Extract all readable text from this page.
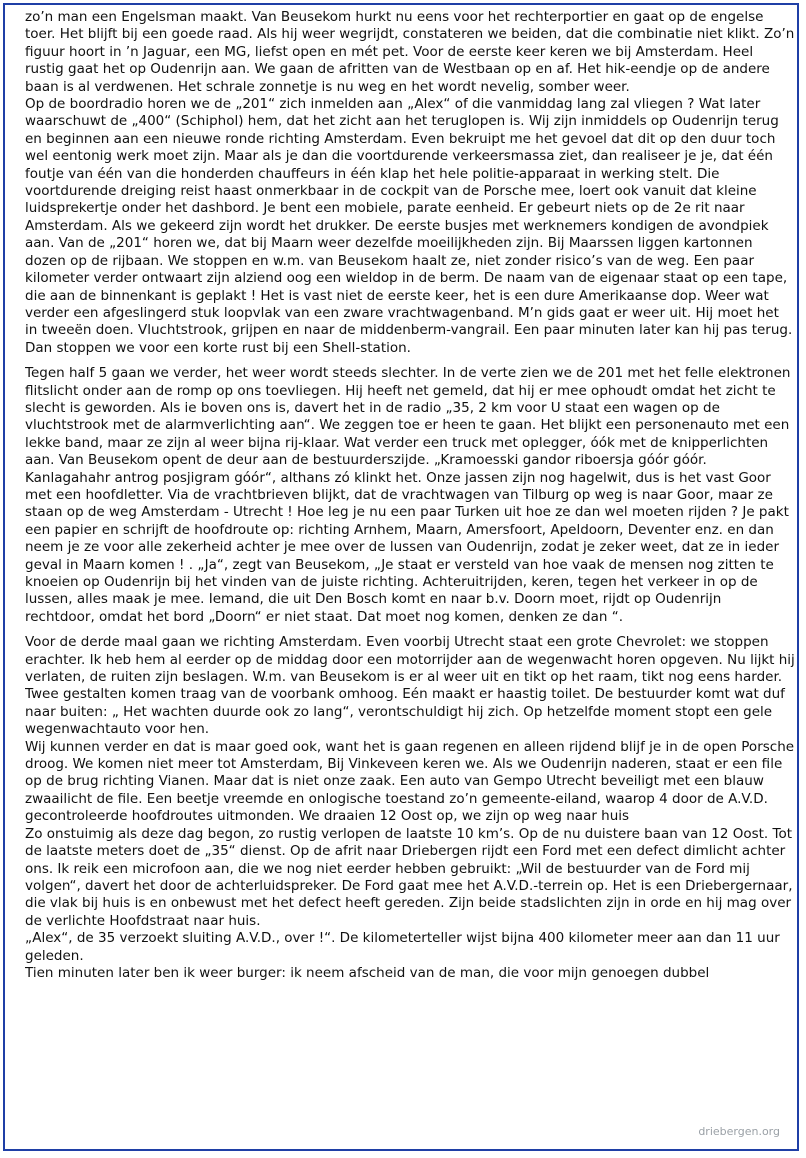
zo’n man een Engelsman maakt. Van Beusekom hurkt nu eens voor het rechterportier en gaat op de engelse toer. Het blijft bij een goede raad. Als hij weer wegrijdt, constateren we beiden, dat die combinatie niet klikt. Zo’n figuur hoort in ’n Jaguar, een MG, liefst open en mét pet. Voor de eerste keer keren we bij Amsterdam. Heel rustig gaat het op Oudenrijn aan. We gaan de afritten van de Westbaan op en af. Het hik-eendje op de andere baan is al verdwenen. Het schrale zonnetje is nu weg en het wordt nevelig, somber weer.

Op de boordradio horen we de „201“ zich inmelden aan „Alex“ of die vanmiddag lang zal vliegen ? Wat later waarschuwt de „400“ (Schiphol) hem, dat het zicht aan het teruglopen is. Wij zijn inmiddels op Oudenrijn terug en beginnen aan een nieuwe ronde richting Amsterdam. Even bekruipt me het gevoel dat dit op den duur toch wel eentonig werk moet zijn. Maar als je dan die voortdurende verkeersmassa ziet, dan realiseer je je, dat één foutje van één van die honderden chauffeurs in één klap het hele politie-apparaat in werking stelt. Die voortdurende dreiging reist haast onmerkbaar in de cockpit van de Porsche mee, loert ook vanuit dat kleine luidsprekertje onder het dashbord. Je bent een mobiele, parate eenheid. Er gebeurt niets op de 2e rit naar Amsterdam. Als we gekeerd zijn wordt het drukker. De eerste busjes met werknemers kondigen de avondpiek aan. Van de „201“ horen we, dat bij Maarn weer dezelfde moeilijkheden zijn. Bij Maarssen liggen kartonnen dozen op de rijbaan. We stoppen en w.m. van Beusekom haalt ze, niet zonder risico’s van de weg. Een paar kilometer verder ontwaart zijn alziend oog een wieldop in de berm. De naam van de eigenaar staat op een tape, die aan de binnenkant is geplakt ! Het is vast niet de eerste keer, het is een dure Amerikaanse dop. Weer wat verder een afgeslingerd stuk loopvlak van een zware vrachtwagenband. M’n gids gaat er weer uit. Hij moet het in tweeën doen. Vluchtstrook, grijpen en naar de middenberm-vangrail. Een paar minuten later kan hij pas terug. Dan stoppen we voor een korte rust bij een Shell-station.

Tegen half 5 gaan we verder, het weer wordt steeds slechter. In de verte zien we de 201 met het felle elektronen flitslicht onder aan de romp op ons toevliegen. Hij heeft net gemeld, dat hij er mee ophoudt omdat het zicht te slecht is geworden. Als ie boven ons is, davert het in de radio „35, 2 km voor U staat een wagen op de vluchtstrook met de alarmverlichting aan“. We zeggen toe er heen te gaan. Het blijkt een personenauto met een lekke band, maar ze zijn al weer bijna rij-klaar. Wat verder een truck met oplegger, óók met de knipperlichten aan. Van Beusekom opent de deur aan de bestuurderszijde. „Kramoesski gandor riboersja góór góór. Kanlagahahr antrog posjigram góór“, althans zó klinkt het. Onze jassen zijn nog hagelwit, dus is het vast Goor met een hoofdletter. Via de vrachtbrieven blijkt, dat de vrachtwagen van Tilburg op weg is naar Goor, maar ze staan op de weg Amsterdam - Utrecht ! Hoe leg je nu een paar Turken uit hoe ze dan wel moeten rijden ? Je pakt een papier en schrijft de hoofdroute op: richting Arnhem, Maarn, Amersfoort, Apeldoorn, Deventer enz. en dan neem je ze voor alle zekerheid achter je mee over de lussen van Oudenrijn, zodat je zeker weet, dat ze in ieder geval in Maarn komen ! . „Ja“, zegt van Beusekom, „Je staat er versteld van hoe vaak de mensen nog zitten te knoeien op Oudenrijn bij het vinden van de juiste richting. Achteruitrijden, keren, tegen het verkeer in op de lussen, alles maak je mee. Iemand, die uit Den Bosch komt en naar b.v. Doorn moet, rijdt op Oudenrijn rechtdoor, omdat het bord „Doorn“ er niet staat. Dat moet nog komen, denken ze dan “.

Voor de derde maal gaan we richting Amsterdam. Even voorbij Utrecht staat een grote Chevrolet: we stoppen erachter. Ik heb hem al eerder op de middag door een motorrijder aan de wegenwacht horen opgeven. Nu lijkt hij verlaten, de ruiten zijn beslagen. W.m. van Beusekom is er al weer uit en tikt op het raam, tikt nog eens harder. Twee gestalten komen traag van de voorbank omhoog. Eén maakt er haastig toilet. De bestuurder komt wat duf naar buiten: „ Het wachten duurde ook zo lang“, verontschuldigt hij zich. Op hetzelfde moment stopt een gele wegenwachtauto voor hen.

Wij kunnen verder en dat is maar goed ook, want het is gaan regenen en alleen rijdend blijf je in de open Porsche droog. We komen niet meer tot Amsterdam, Bij Vinkeveen keren we. Als we Oudenrijn naderen, staat er een file op de brug richting Vianen. Maar dat is niet onze zaak. Een auto van Gempo Utrecht beveiligt met een blauw zwaailicht de file. Een beetje vreemde en onlogische toestand zo’n gemeente-eiland, waarop 4 door de A.V.D. gecontroleerde hoofdroutes uitmonden. We draaien 12 Oost op, we zijn op weg naar huis

Zo onstuimig als deze dag begon, zo rustig verlopen de laatste 10 km’s. Op de nu duistere baan van 12 Oost. Tot de laatste meters doet de „35“ dienst. Op de afrit naar Driebergen rijdt een Ford met een defect dimlicht achter ons. Ik reik een microfoon aan, die we nog niet eerder hebben gebruikt: „Wil de bestuurder van de Ford mij volgen“, davert het door de achterluidspreker. De Ford gaat mee het A.V.D.-terrein op. Het is een Driebergernaar, die vlak bij huis is en onbewust met het defect heeft gereden. Zijn beide stadslichten zijn in orde en hij mag over de verlichte Hoofdstraat naar huis.

„Alex“, de 35 verzoekt sluiting A.V.D., over !“. De kilometerteller wijst bijna 400 kilometer meer aan dan 11 uur geleden.

Tien minuten later ben ik weer burger: ik neem afscheid van de man, die voor mijn genoegen dubbel

driebergen.org
